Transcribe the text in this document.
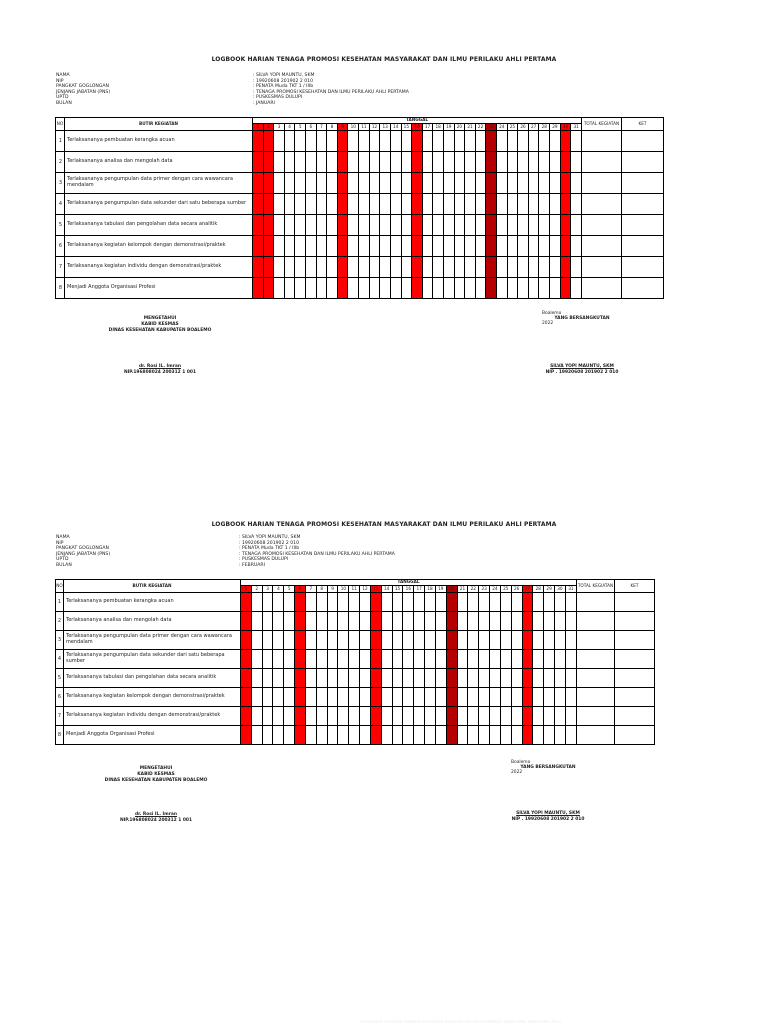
LOGBOOK HARIAN TENAGA PROMOSI KESEHATAN MASYARAKAT DAN ILMU PERILAKU AHLI PERTAMA
NAMA	: SILVA YOPI MAUNTU, SKM
NIP	: 19920608 201902 2 010
PANGKAT GOGLONGAN	: PENATA Muda TKT 1 / IIIb
JENJANG JABATAN (PNS)	: TENAGA PROMOSI KESEHATAN DAN ILMU PERILAKU AHLI PERTAMA
UPTD	: PUSKESMAS DULUPI
BULAN	: JANUARI
NO	BUTIR KEGIATAN	TANGGAL																															TOTAL KEGIATAN	KET
		1	2	3	4	5	6	7	8	9	10	11	12	13	14	15	16	17	18	19	20	21	22	23	24	25	26	27	28	29	30	31		
1	Terlaksananya pembuatan kerangka acuan																																	
2	Terlaksananya analisa dan mengolah data																																	
3	Terlaksananya pengumpulan data primer dengan cara wawancara mendalam																																	
4	Terlaksananya pengumpulan data sekunder dari satu beberapa sumber																																	
5	Terlaksananya tabulasi dan pengolahan data secara analitik																																	
6	Terlaksananya kegiatan kelompok dengan demonstrasi/praktek																																	
7	Terlaksananya kegiatan individu dengan demonstrasi/praktek																																	
8	Menjadi Anggota Organisasi Profesi																																	
Boalemo2022
MENGETAHUI
KABID KESMAS
DINAS KESEHATAN KABUPATEN BOALEMO
dr. Rosi IL. Imran
NIP.196808024 200312 1 001
YANG BERSANGKUTAN
SILVA YOPI MAUNTU, SKM
NIP . 19920608 201902 2 010
LOGBOOK HARIAN TENAGA PROMOSI KESEHATAN MASYARAKAT DAN ILMU PERILAKU AHLI PERTAMA
NAMA	: SILVA YOPI MAUNTU, SKM
NIP	: 19920608 201902 2 010
PANGKAT GOGLONGAN	: PENATA Muda TKT 1 / IIIb
JENJANG JABATAN (PNS)	: TENAGA PROMOSI KESEHATAN DAN ILMU PERILAKU AHLI PERTAMA
UPTD	: PUSKESMAS DULUPI
BULAN	: FEBRUARI
NO	BUTIR KEGIATAN	TANGGAL																															TOTAL KEGIATAN	KET
		1	2	3	4	5	6	7	8	9	10	11	12	13	14	15	16	17	18	19	20	21	22	23	24	25	26	27	28	29	30	31		
1	Terlaksananya pembuatan kerangka acuan																																	
2	Terlaksananya analisa dan mengolah data																																	
3	Terlaksananya pengumpulan data primer dengan cara wawancara mendalam																																	
4	Terlaksananya pengumpulan data sekunder dari satu beberapa sumber																																	
5	Terlaksananya tabulasi dan pengolahan data secara analitik																																	
6	Terlaksananya kegiatan kelompok dengan demonstrasi/praktek																																	
7	Terlaksananya kegiatan individu dengan demonstrasi/praktek																																	
8	Menjadi Anggota Organisasi Profesi																																	
Boalemo2022
MENGETAHUI
KABID KESMAS
DINAS KESEHATAN KABUPATEN BOALEMO
dr. Rosi IL. Imran
NIP.196808024 200312 1 001
YANG BERSANGKUTAN
SILVA YOPI MAUNTU, SKM
NIP . 19920608 201902 2 010
LOGBOOK HARIAN TENAGA PROMOSI KESEHATAN MASYARAKAT DAN ILMU PERILAKU AHLI
